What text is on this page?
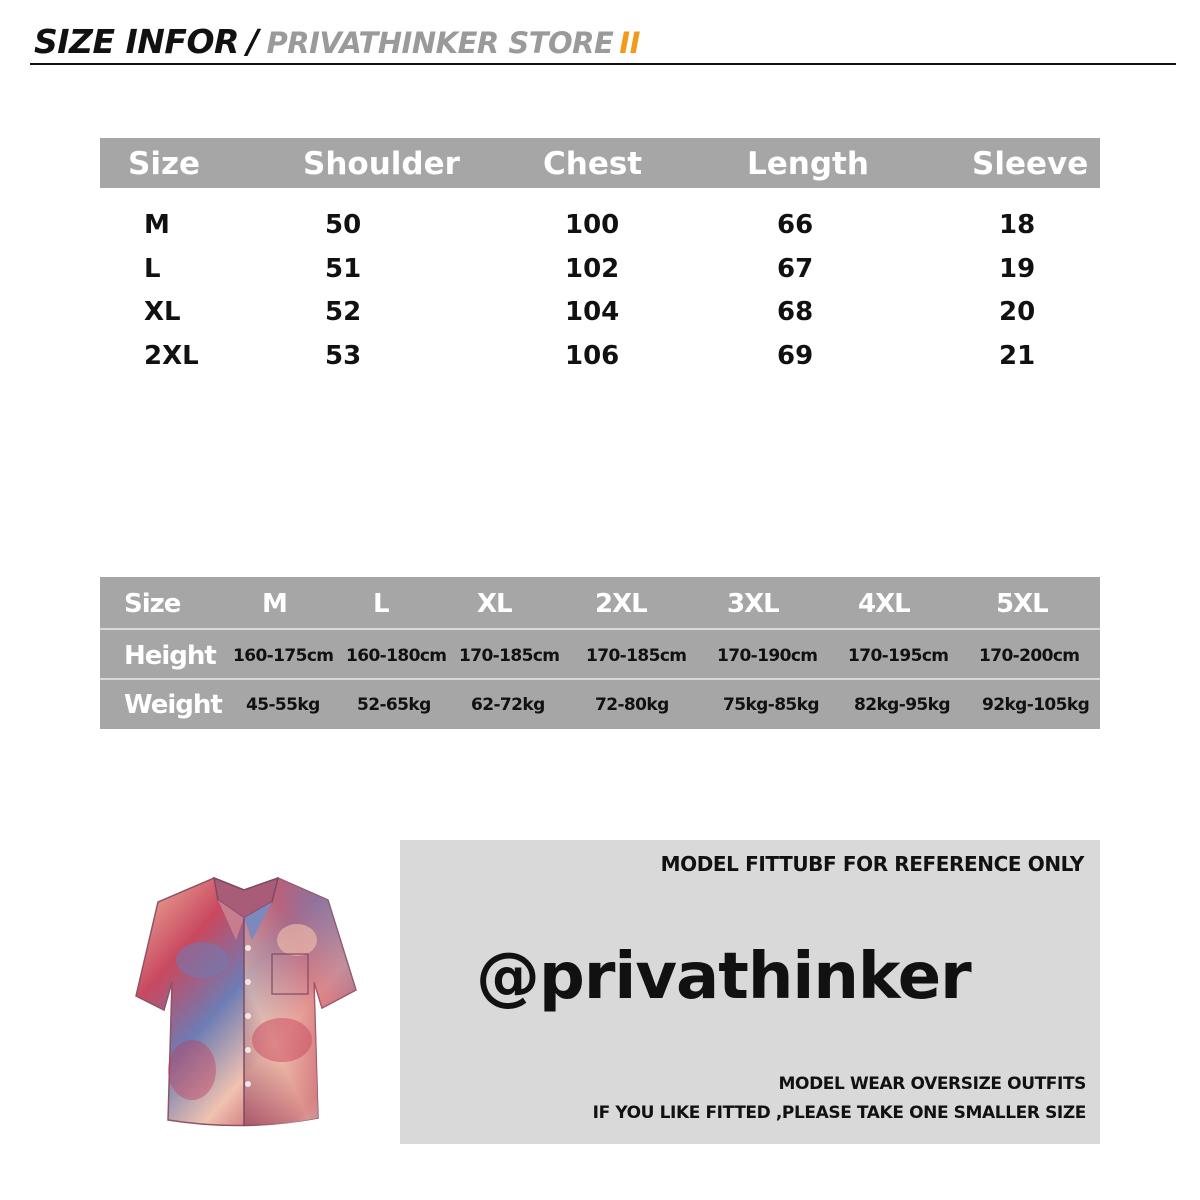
SIZE INFOR / PRIVATHINKER STORE II
Size	Shoulder	Chest	Length	Sleeve
M	50	100	66	18
L	51	102	67	19
XL	52	104	68	20
2XL	53	106	69	21
Size	M	L	XL	2XL	3XL	4XL	5XL
Height 160-175cm 160-180cm 170-185cm 170-185cm 170-190cm 170-195cm 170-200cm
Weight 45-55kg 52-65kg 62-72kg	72-80kg	75kg-85kg 82kg-95kg 92kg-105kg
MODEL FITTUBF FOR REFERENCE ONLY
@privathinker
MODEL WEAR OVERSIZE OUTFITS
IF YOU LIKE FITTED ,PLEASE TAKE ONE SMALLER SIZE
